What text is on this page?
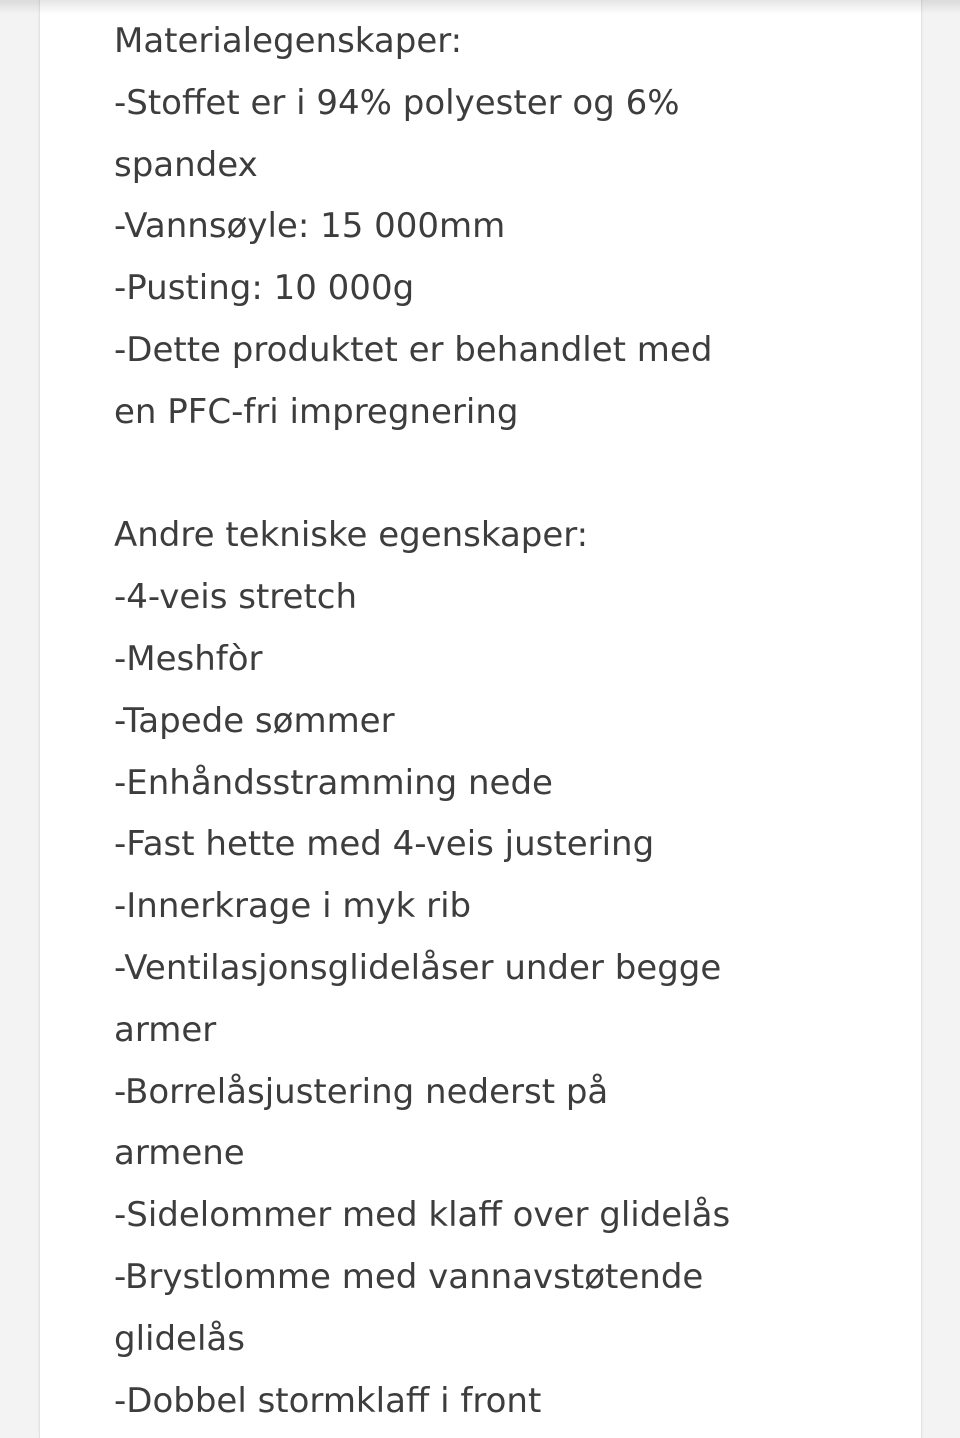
Materialegenskaper:
-Stoffet er i 94% polyester og 6%
spandex
-Vannsøyle: 15 000mm
-Pusting: 10 000g
-Dette produktet er behandlet med
en PFC-fri impregnering
Andre tekniske egenskaper:
-4-veis stretch
-Meshfòr
-Tapede sømmer
-Enhåndsstramming nede
-Fast hette med 4-veis justering
-Innerkrage i myk rib
-Ventilasjonsglidelåser under begge
armer
-Borrelåsjustering nederst på
armene
-Sidelommer med klaff over glidelås
-Brystlomme med vannavstøtende
glidelås
-Dobbel stormklaff i front
